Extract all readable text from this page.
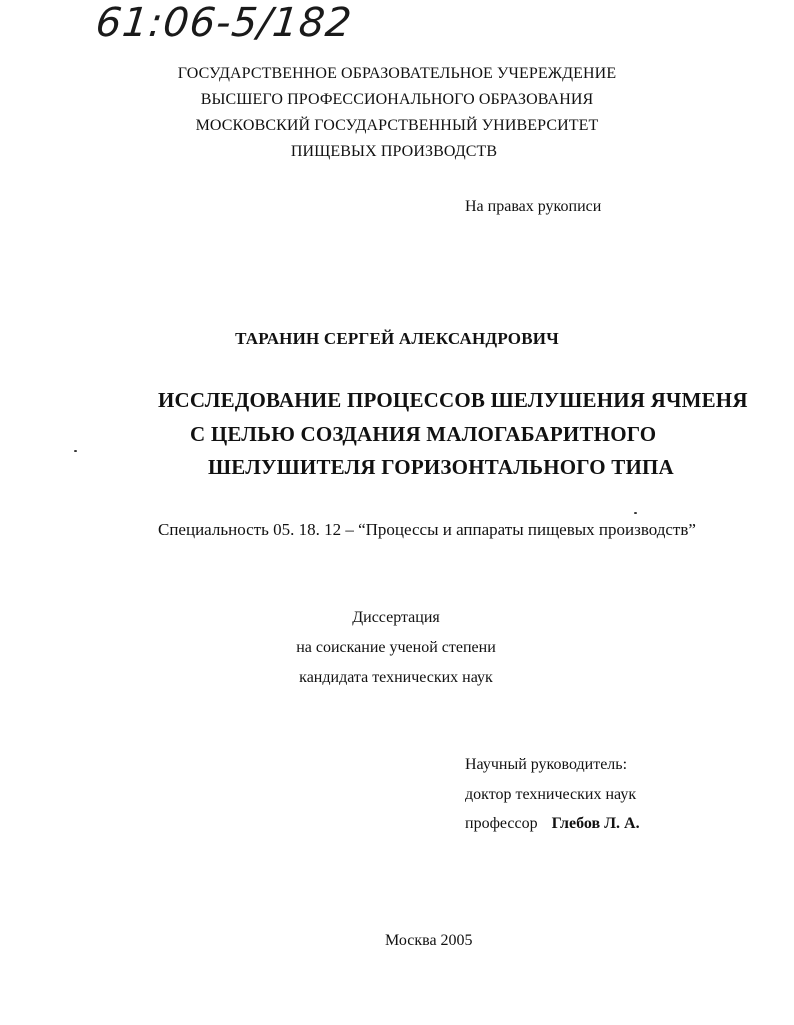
61:06-5/182
ГОСУДАРСТВЕННОЕ ОБРАЗОВАТЕЛЬНОЕ УЧЕРЕЖДЕНИЕ
ВЫСШЕГО ПРОФЕССИОНАЛЬНОГО ОБРАЗОВАНИЯ
МОСКОВСКИЙ ГОСУДАРСТВЕННЫЙ УНИВЕРСИТЕТ
ПИЩЕВЫХ ПРОИЗВОДСТВ
На правах рукописи
ТАРАНИН СЕРГЕЙ АЛЕКСАНДРОВИЧ
ИССЛЕДОВАНИЕ ПРОЦЕССОВ ШЕЛУШЕНИЯ ЯЧМЕНЯ
С ЦЕЛЬЮ СОЗДАНИЯ МАЛОГАБАРИТНОГО
ШЕЛУШИТЕЛЯ ГОРИЗОНТАЛЬНОГО ТИПА
Специальность 05. 18. 12 – “Процессы и аппараты пищевых производств”
Диссертация
на соискание ученой степени
кандидата технических наук
Научный руководитель:
доктор технических наук
профессор Глебов Л. А.
Москва 2005
